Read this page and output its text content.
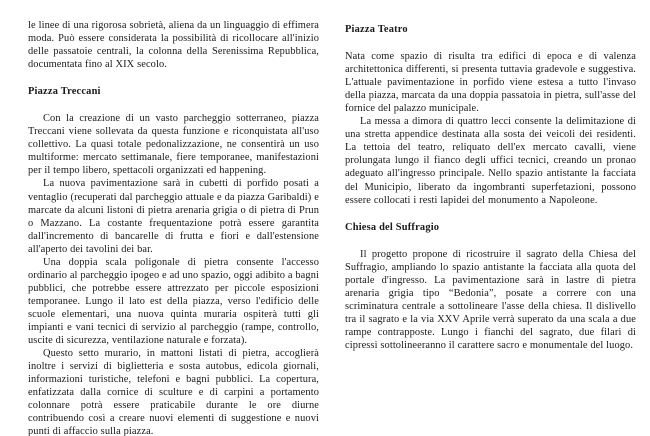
le linee di una rigorosa sobrietà, aliena da un linguaggio di effimera moda. Può essere considerata la possibilità di ricollocare all'inizio delle passatoie centrali, la colonna della Serenissima Repubblica, documentata fino al XIX secolo.

Piazza Treccani

Con la creazione di un vasto parcheggio sotterraneo, piazza Treccani viene sollevata da questa funzione e riconquistata all'uso collettivo. La quasi totale pedonalizzazione, ne consentirà un uso multiforme: mercato settimanale, fiere temporanee, manifestazioni per il tempo libero, spettacoli organizzati ed happening.

La nuova pavimentazione sarà in cubetti di porfido posati a ventaglio (recuperati dal parcheggio attuale e da piazza Garibaldi) e marcate da alcuni listoni di pietra arenaria grigia o di pietra di Prun o Mazzano. La costante frequentazione potrà essere garantita dall'incremento di bancarelle di frutta e fiori e dall'estensione all'aperto dei tavolini dei bar.

Una doppia scala poligonale di pietra consente l'accesso ordinario al parcheggio ipogeo e ad uno spazio, oggi adibito a bagni pubblici, che potrebbe essere attrezzato per piccole esposizioni temporanee. Lungo il lato est della piazza, verso l'edificio delle scuole elementari, una nuova quinta muraria ospiterà tutti gli impianti e vani tecnici di servizio al parcheggio (rampe, controllo, uscite di sicurezza, ventilazione naturale e forzata).

Questo setto murario, in mattoni listati di pietra, accoglierà inoltre i servizi di biglietteria e sosta autobus, edicola giornali, informazioni turistiche, telefoni e bagni pubblici. La copertura, enfatizzata dalla cornice di sculture e di carpini a portamento colonnare potrà essere praticabile durante le ore diurne contribuendo così a creare nuovi elementi di suggestione e nuovi punti di affaccio sulla piazza.

Piazza Teatro

Nata come spazio di risulta tra edifici di epoca e di valenza architettonica differenti, si presenta tuttavia gradevole e suggestiva. L'attuale pavimentazione in porfido viene estesa a tutto l'invaso della piazza, marcata da una doppia passatoia in pietra, sull'asse del fornice del palazzo municipale.

La messa a dimora di quattro lecci consente la delimitazione di una stretta appendice destinata alla sosta dei veicoli dei residenti. La tettoia del teatro, reliquato dell'ex mercato cavalli, viene prolungata lungo il fianco degli uffici tecnici, creando un pronao adeguato all'ingresso principale. Nello spazio antistante la facciata del Municipio, liberato da ingombranti superfetazioni, possono essere collocati i resti lapidei del monumento a Napoleone.

Chiesa del Suffragio

Il progetto propone di ricostruire il sagrato della Chiesa del Suffragio, ampliando lo spazio antistante la facciata alla quota del portale d'ingresso. La pavimentazione sarà in lastre di pietra arenaria grigia tipo “Bedonia”, posate a correre con una scriminatura centrale a sottolineare l'asse della chiesa. Il dislivello tra il sagrato e la via XXV Aprile verrà superato da una scala a due rampe contrapposte. Lungo i fianchi del sagrato, due filari di cipressi sottolineeranno il carattere sacro e monumentale del luogo.
